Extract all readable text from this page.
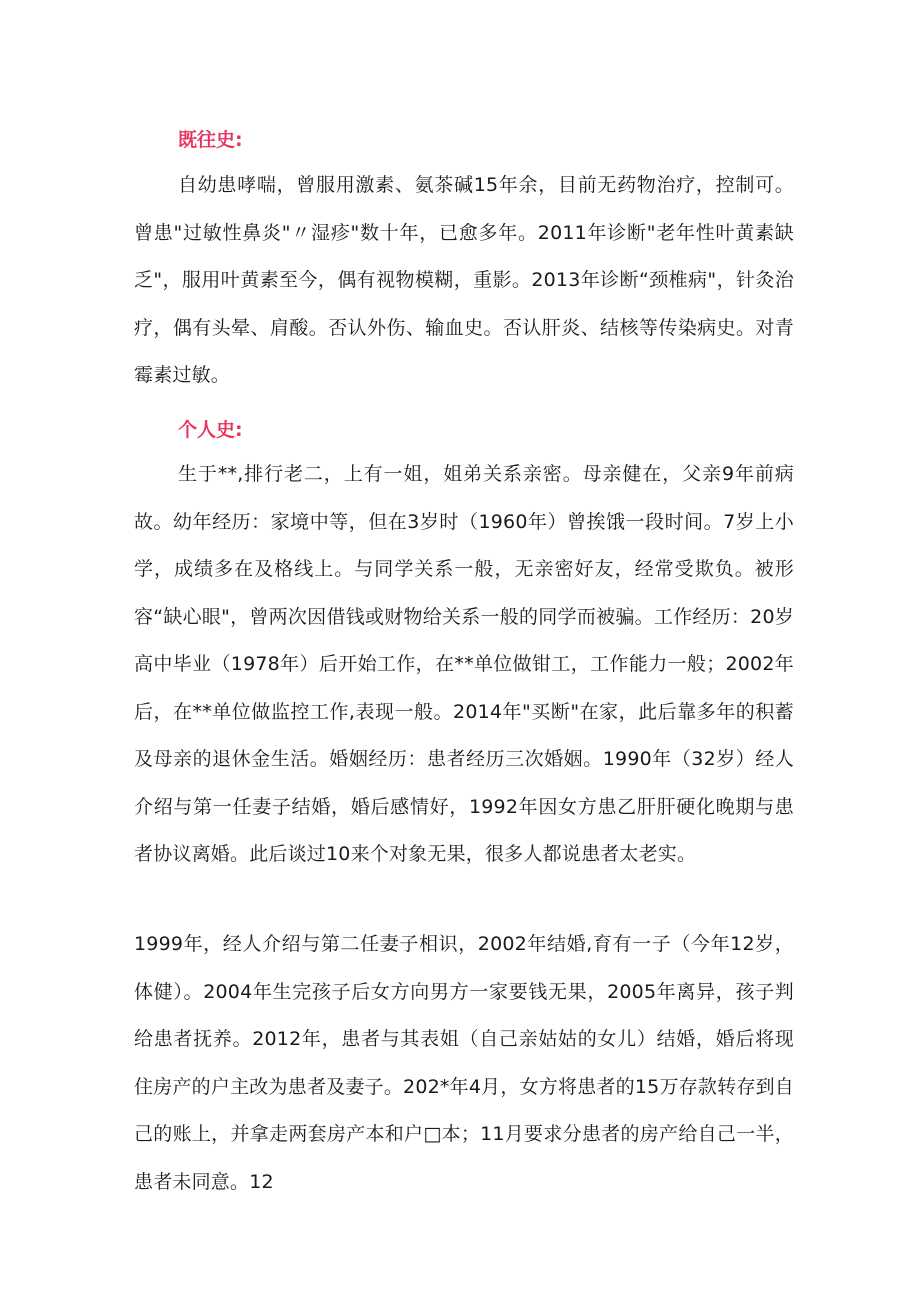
既往史:

自幼患哮喘，曾服用激素、氨茶碱15年余，目前无药物治疗，控制可。曾患"过敏性鼻炎"〃湿疹"数十年，已愈多年。2011年诊断"老年性叶黄素缺乏"，服用叶黄素至今，偶有视物模糊，重影。2013年诊断“颈椎病"，针灸治疗，偶有头晕、肩酸。否认外伤、输血史。否认肝炎、结核等传染病史。对青霉素过敏。

个人史:

生于**,排行老二，上有一姐，姐弟关系亲密。母亲健在，父亲9年前病故。幼年经历：家境中等，但在3岁时（1960年）曾挨饿一段时间。7岁上小学，成绩多在及格线上。与同学关系一般，无亲密好友，经常受欺负。被形容“缺心眼"，曾两次因借钱或财物给关系一般的同学而被骗。工作经历：20岁高中毕业（1978年）后开始工作，在**单位做钳工，工作能力一般；2002年后，在**单位做监控工作,表现一般。2014年"买断"在家，此后靠多年的积蓄及母亲的退休金生活。婚姻经历：患者经历三次婚姻。1990年（32岁）经人介绍与第一任妻子结婚，婚后感情好，1992年因女方患乙肝肝硬化晚期与患者协议离婚。此后谈过10来个对象无果，很多人都说患者太老实。

1999年，经人介绍与第二任妻子相识，2002年结婚,育有一子（今年12岁，体健）。2004年生完孩子后女方向男方一家要钱无果，2005年离异，孩子判给患者抚养。2012年，患者与其表姐（自己亲姑姑的女儿）结婚，婚后将现住房产的户主改为患者及妻子。202*年4月，女方将患者的15万存款转存到自己的账上，并拿走两套房产本和户□本；11月要求分患者的房产给自己一半，患者未同意。12
